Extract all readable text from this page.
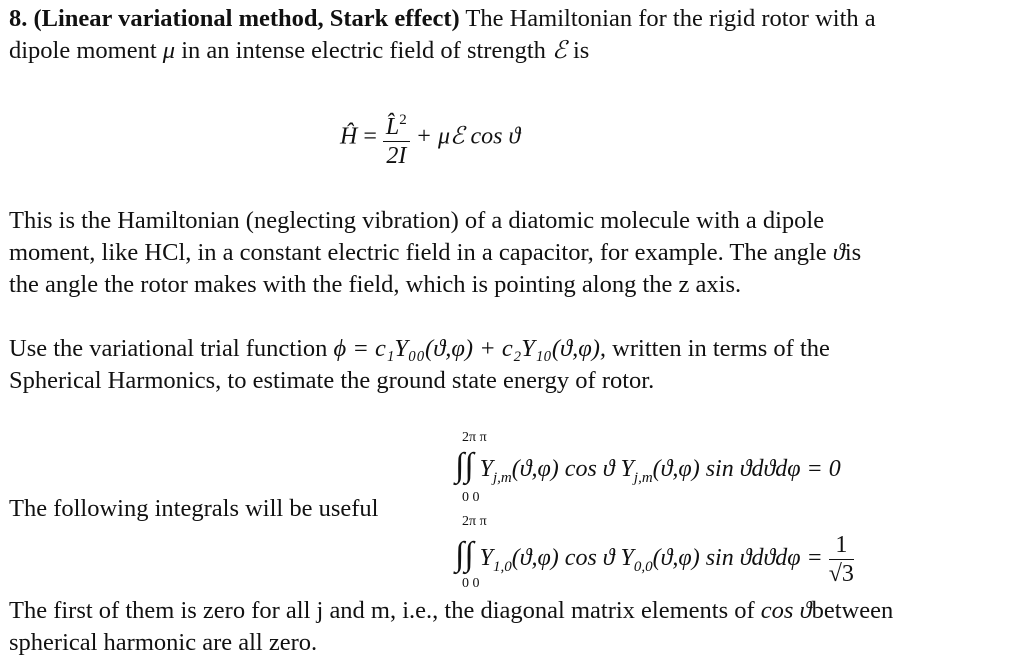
8. (Linear variational method, Stark effect) The Hamiltonian for the rigid rotor with a
dipole moment μ in an intense electric field of strength ℰ is
Ĥ = $\frac{L̂^2}{2I}$ + μℰ cos ϑ
This is the Hamiltonian (neglecting vibration) of a diatomic molecule with a dipole
moment, like HCl, in a constant electric field in a capacitor, for example. The angle ϑis
the angle the rotor makes with the field, which is pointing along the z axis.
Use the variational trial function ϕ = c₁Y₀₀(ϑ,φ) + c₂Y₁₀(ϑ,φ), written in terms of the
Spherical Harmonics, to estimate the ground state energy of rotor.
The following integrals will be useful
2π π
∫∫ $Y_{j,m}(ϑ,\varphi)$ cos ϑ $Y_{j,m}(ϑ,\varphi)$ sin ϑdϑdφ = 0
0 0
2π π
∫∫ $Y_{1,0}(ϑ,\varphi)$ cos ϑ $Y_{0,0}(ϑ,\varphi)$ $\sin ϑdϑd\varphi = \frac{1}{√3}$
0 0
The first of them is zero for all j and m, i.e., the diagonal matrix elements of cos ϑbetween
spherical harmonic are all zero.
